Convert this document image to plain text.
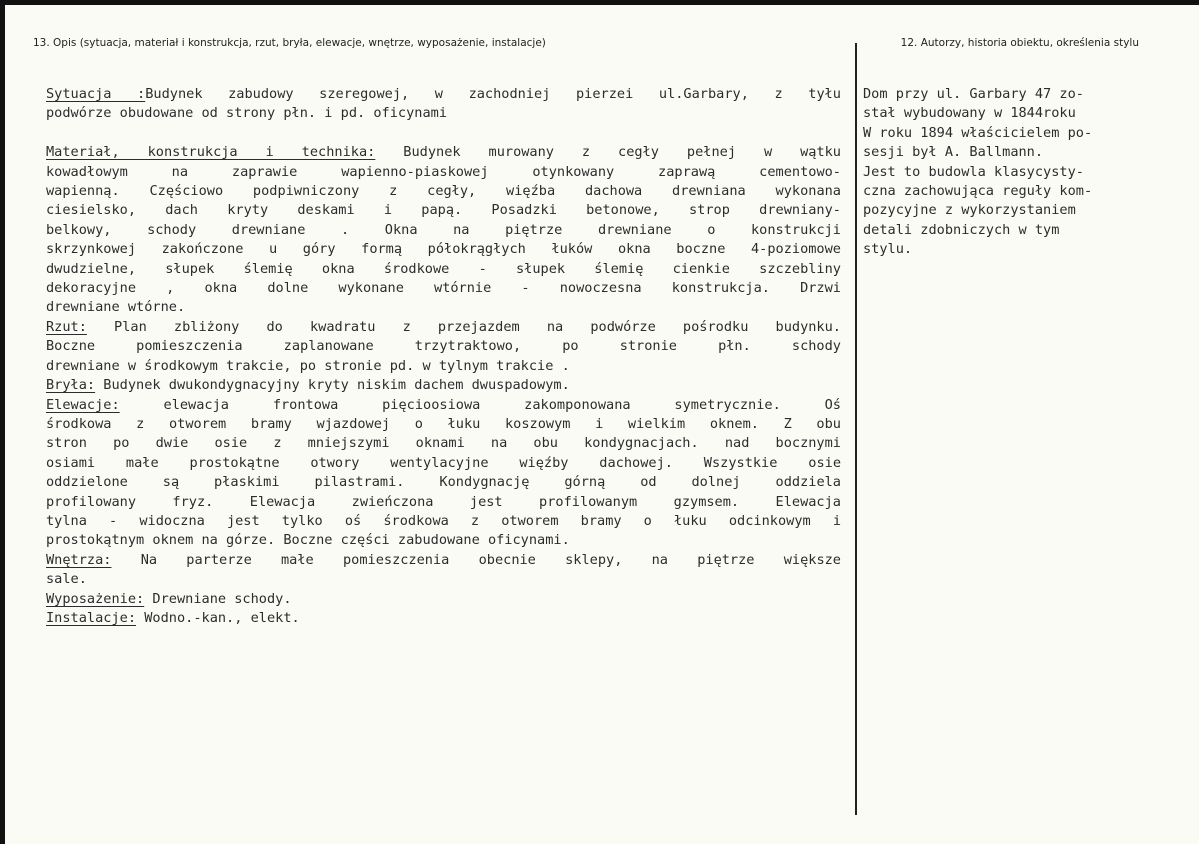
13. Opis (sytuacja, materiał i konstrukcja, rzut, bryła, elewacje, wnętrze, wyposażenie, instalacje)	12. Autorzy, historia obiektu, określenia stylu
Sytuacja :Budynek zabudowy szeregowej, w zachodniej pierzei ul.Garbary, z tyłu
podwórze obudowane od strony płn. i pd. oficynami

Materiał, konstrukcja i technika: Budynek murowany z cegły pełnej w wątku
kowadłowym na zaprawie wapienno-piaskowej otynkowany zaprawą cementowo-
wapienną. Częściowo podpiwniczony z cegły, więźba dachowa drewniana wykonana
ciesielsko, dach kryty deskami i papą. Posadzki betonowe, strop drewniany-
belkowy, schody drewniane . Okna na piętrze drewniane o konstrukcji
skrzynkowej zakończone u góry formą półokrągłych łuków okna boczne 4-poziomowe
dwudzielne, słupek ślemię okna środkowe - słupek ślemię cienkie szczebliny
dekoracyjne , okna dolne wykonane wtórnie - nowoczesna konstrukcja. Drzwi
drewniane wtórne.
Rzut: Plan zbliżony do kwadratu z przejazdem na podwórze pośrodku budynku.
Boczne pomieszczenia zaplanowane trzytraktowo, po stronie płn. schody
drewniane w środkowym trakcie, po stronie pd. w tylnym trakcie .
Bryła: Budynek dwukondygnacyjny kryty niskim dachem dwuspadowym.
Elewacje: elewacja frontowa pięcioosiowa zakomponowana symetrycznie. Oś
środkowa z otworem bramy wjazdowej o łuku koszowym i wielkim oknem. Z obu
stron po dwie osie z mniejszymi oknami na obu kondygnacjach. nad bocznymi
osiami małe prostokątne otwory wentylacyjne więźby dachowej. Wszystkie osie
oddzielone są płaskimi pilastrami. Kondygnację górną od dolnej oddziela
profilowany fryz. Elewacja zwieńczona jest profilowanym gzymsem. Elewacja
tylna - widoczna jest tylko oś środkowa z otworem bramy o łuku odcinkowym i
prostokątnym oknem na górze. Boczne części zabudowane oficynami.
Wnętrza: Na parterze małe pomieszczenia obecnie sklepy, na piętrze większe
sale.
Wyposażenie: Drewniane schody.
Instalacje: Wodno.-kan., elekt.
Dom przy ul. Garbary 47 zo-
stał wybudowany w 1844roku
W roku 1894 właścicielem po-
sesji był A. Ballmann.
Jest to budowla klasycysty-
czna zachowująca reguły kom-
pozycyjne z wykorzystaniem
detali zdobniczych w tym
stylu.
